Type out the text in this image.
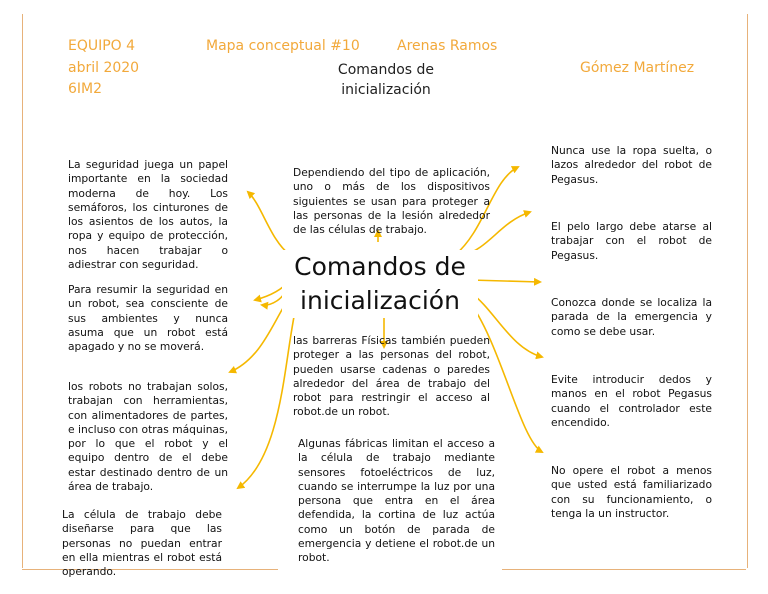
EQUIPO 4	Mapa conceptual #10	Arenas Ramos
abril 2020	Gómez Martínez
6IM2
Comandos de
inicialización
Comandos de
inicialización
La seguridad juega un papel importante en la sociedad moderna de hoy. Los semáforos, los cinturones de los asientos de los autos, la ropa y equipo de protección, nos hacen trabajar o adiestrar con seguridad.
Para resumir la seguridad en un robot, sea consciente de sus ambientes y nunca asuma que un robot está apagado y no se moverá.
los robots no trabajan solos, trabajan con herramientas, con alimentadores de partes, e incluso con otras máquinas, por lo que el robot y el equipo dentro de el debe estar destinado dentro de un área de trabajo.
La célula de trabajo debe diseñarse para que las personas no puedan entrar en ella mientras el robot está operando.
Dependiendo del tipo de aplicación, uno o más de los dispositivos siguientes se usan para proteger a las personas de la lesión alrededor de las células de trabajo.
las barreras Físicas también pueden proteger a las personas del robot, pueden usarse cadenas o paredes alrededor del área de trabajo del robot para restringir el acceso al robot.de un robot.
Algunas fábricas limitan el acceso a la célula de trabajo mediante sensores fotoeléctricos de luz, cuando se interrumpe la luz por una persona que entra en el área defendida, la cortina de luz actúa como un botón de parada de emergencia y detiene el robot.de un robot.
Nunca use la ropa suelta, o lazos alrededor del robot de Pegasus.
El pelo largo debe atarse al trabajar con el robot de Pegasus.
Conozca donde se localiza la parada de la emergencia y como se debe usar.
Evite introducir dedos y manos en el robot Pegasus cuando el controlador este encendido.
No opere el robot a menos que usted está familiarizado con su funcionamiento, o tenga la un instructor.
